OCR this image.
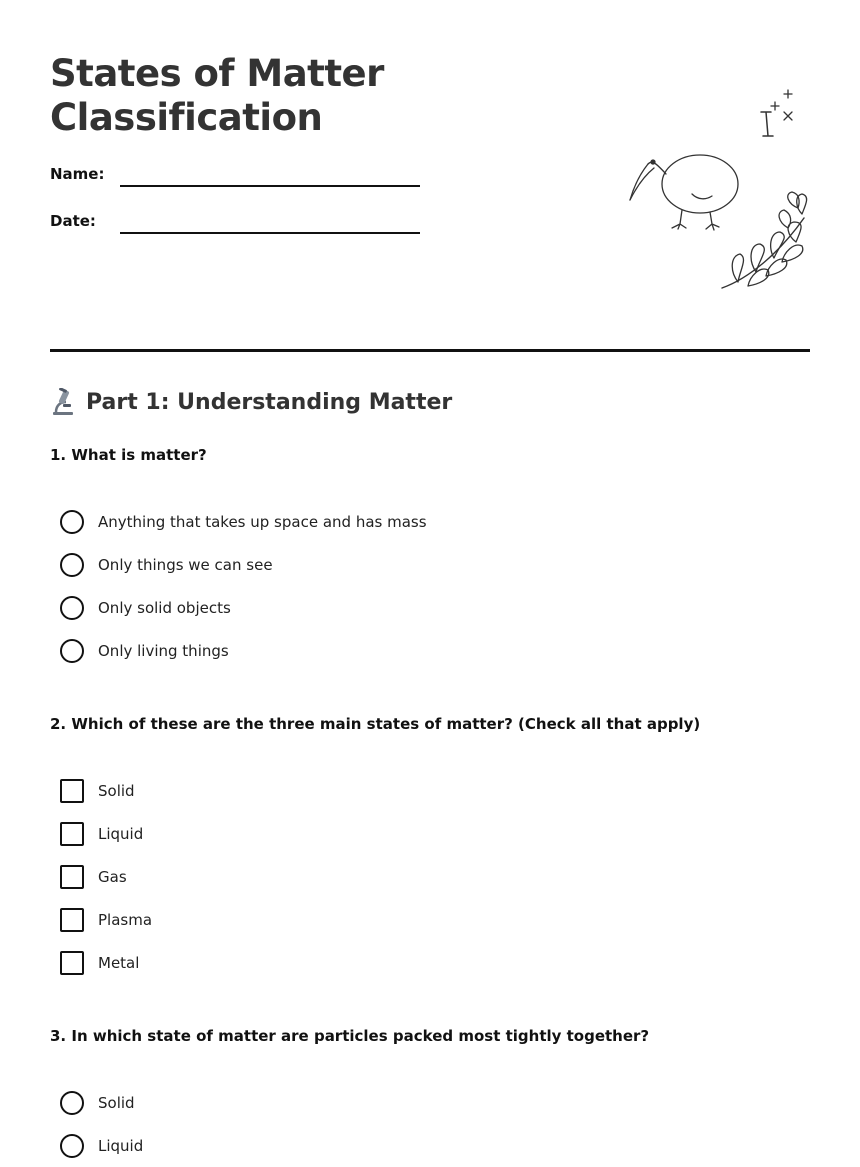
States of Matter Classification
Name:
Date:
Part 1: Understanding Matter
1. What is matter?
Anything that takes up space and has mass
Only things we can see
Only solid objects
Only living things
2. Which of these are the three main states of matter? (Check all that apply)
Solid
Liquid
Gas
Plasma
Metal
3. In which state of matter are particles packed most tightly together?
Solid
Liquid
